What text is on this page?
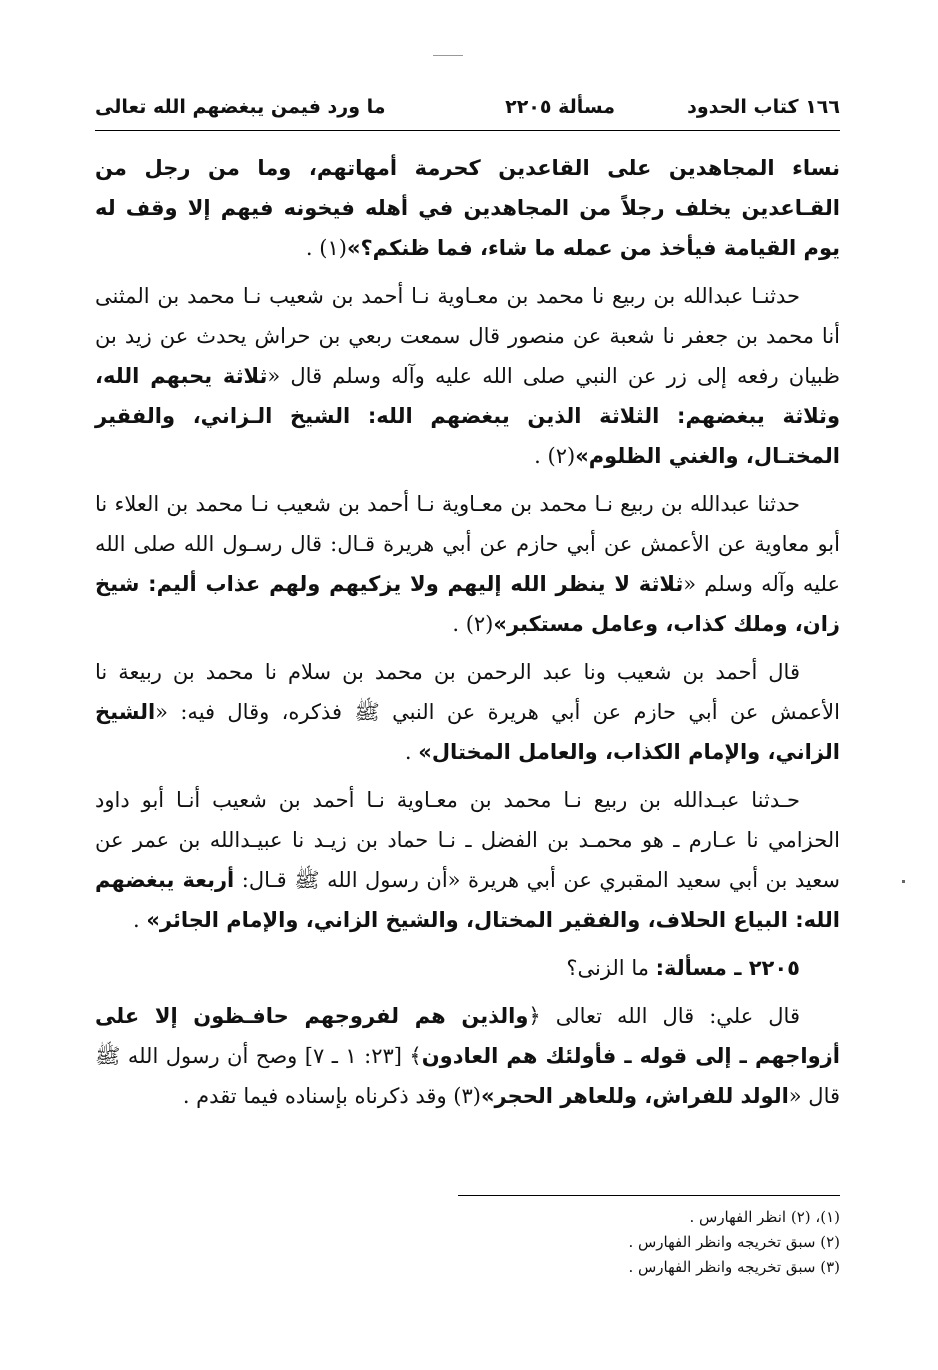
١٦٦ كتاب الحدود
مسألة ٢٢٠٥
ما ورد فيمن يبغضهم الله تعالى

نساء المجاهدين على القاعدين كحرمة أمهاتهم، وما من رجل من القـاعدين يخلف رجلاً من المجاهدين في أهله فيخونه فيهم إلا وقف له يوم القيامة فيأخذ من عمله ما شاء، فما ظنكم؟»(١) .

حدثنـا عبدالله بن ربيع نا محمد بن معـاوية نـا أحمد بن شعيب نـا محمد بن المثنى أنا محمد بن جعفر نا شعبة عن منصور قال سمعت ربعي بن حراش يحدث عن زيد بن ظبيان رفعه إلى زر عن النبي صلى الله عليه وآله وسلم قال «ثلاثة يحبهم الله، وثلاثة يبغضهم: الثلاثة الذين يبغضهم الله: الشيخ الـزاني، والفقير المختـال، والغني الظلوم»(٢) .

حدثنا عبدالله بن ربيع نـا محمد بن معـاوية نـا أحمد بن شعيب نـا محمد بن العلاء نا أبو معاوية عن الأعمش عن أبي حازم عن أبي هريرة قـال: قال رسـول الله صلى الله عليه وآله وسلم «ثلاثة لا ينظر الله إليهم ولا يزكيهم ولهم عذاب أليم: شيخ زان، وملك كذاب، وعامل مستكبر»(٢) .

قال أحمد بن شعيب ونا عبد الرحمن بن محمد بن سلام نا محمد بن ربيعة نا الأعمش عن أبي حازم عن أبي هريرة عن النبي ﷺ فذكره، وقال فيه: «الشيخ الزاني، والإمام الكذاب، والعامل المختال» .

حـدثنا عبـدالله بن ربيع نـا محمد بن معـاوية نـا أحمد بن شعيب أنـا أبو داود الحزامي نا عـارم ـ هو محمـد بن الفضل ـ نـا حماد بن زيـد نا عبيـدالله بن عمر عن سعيد بن أبي سعيد المقبري عن أبي هريرة «أن رسول الله ﷺ قـال: أربعة يبغضهم الله: البياع الحلاف، والفقير المختال، والشيخ الزاني، والإمام الجائر» .

٢٢٠٥ ـ مسألة: ما الزنى؟

قال علي: قال الله تعالى ﴿والذين هم لفروجهم حافـظون إلا على أزواجهم ـ إلى قوله ـ فأولئك هم العادون﴾ [٢٣: ١ ـ ٧] وصح أن رسول الله ﷺ قال «الولد للفراش، وللعاهر الحجر»(٣) وقد ذكرناه بإسناده فيما تقدم .

(١)، (٢) انظر الفهارس .

(٢) سبق تخريجه وانظر الفهارس .

(٣) سبق تخريجه وانظر الفهارس .
